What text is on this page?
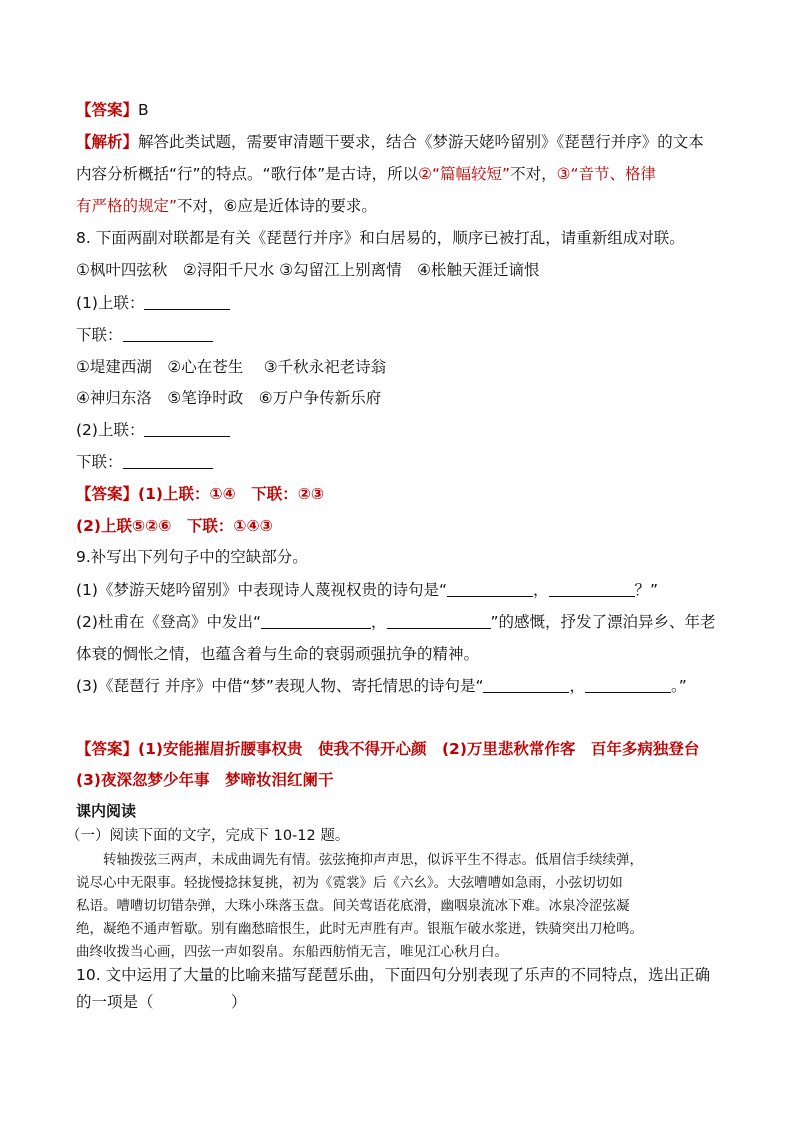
【答案】B
【解析】解答此类试题，需要审清题干要求，结合《梦游天姥吟留别》《琵琶行并序》的文本
内容分析概括“行”的特点。“歌行体”是古诗，所以②“篇幅较短”不对，③“音节、格律
有严格的规定”不对，⑥应是近体诗的要求。
8. 下面两副对联都是有关《琵琶行并序》和白居易的，顺序已被打乱，请重新组成对联。
①枫叶四弦秋　②浔阳千尺水 ③勾留江上别离情　④枨触天涯迁谪恨
(1)上联：
下联：
①堤建西湖　②心在苍生　 ③千秋永祀老诗翁
④神归东洛　⑤笔诤时政　⑥万户争传新乐府
(2)上联：
下联：
【答案】(1)上联：①④　下联：②③
(2)上联⑤②⑥　下联：①④③
9.补写出下列句子中的空缺部分。
(1)《梦游天姥吟留别》中表现诗人蔑视权贵的诗句是“	，	？”
(2)杜甫在《登高》中发出“	，	”的感慨，抒发了漂泊异乡、年老
体衰的惆怅之情，也蕴含着与生命的衰弱顽强抗争的精神。
(3)《琵琶行 并序》中借“梦”表现人物、寄托情思的诗句是“	，	。”
【答案】(1)安能摧眉折腰事权贵　使我不得开心颜　(2)万里悲秋常作客　百年多病独登台
(3)夜深忽梦少年事　梦啼妆泪红阑干
课内阅读
（一）阅读下面的文字，完成下 10-12 题。
　　转轴拨弦三两声，未成曲调先有情。弦弦掩抑声声思，似诉平生不得志。低眉信手续续弹，
说尽心中无限事。轻拢慢捻抹复挑，初为《霓裳》后《六幺》。大弦嘈嘈如急雨，小弦切切如
私语。嘈嘈切切错杂弹，大珠小珠落玉盘。间关莺语花底滑，幽咽泉流冰下难。冰泉冷涩弦凝
绝，凝绝不通声暂歇。别有幽愁暗恨生，此时无声胜有声。银瓶乍破水浆迸，铁骑突出刀枪鸣。
曲终收拨当心画，四弦一声如裂帛。东船西舫悄无言，唯见江心秋月白。
10. 文中运用了大量的比喻来描写琵琶乐曲，下面四句分别表现了乐声的不同特点，选出正确
的一项是（　　　　　）
